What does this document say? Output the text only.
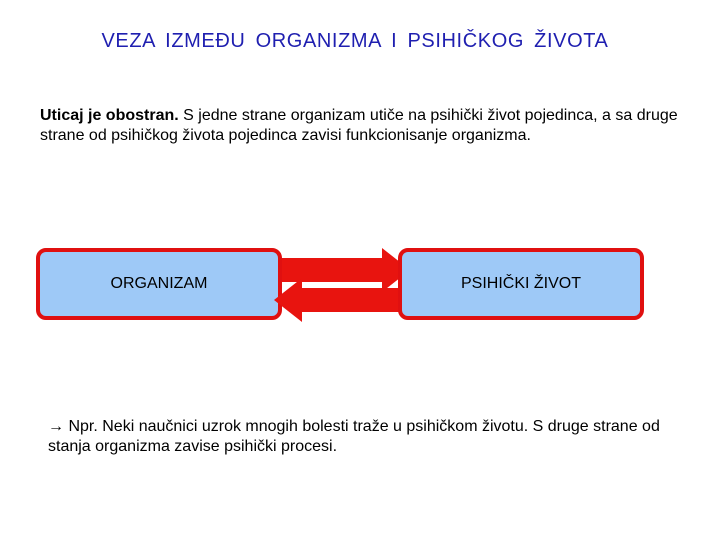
VEZA IZMEĐU ORGANIZMA I PSIHIČKOG ŽIVOTA
Uticaj je obostran. S jedne strane organizam utiče na psihički život pojedinca, a sa druge strane od psihičkog života pojedinca zavisi funkcionisanje organizma.
ORGANIZAM	PSIHIČKI ŽIVOT
→ Npr. Neki naučnici uzrok mnogih bolesti traže u psihičkom životu. S druge strane od stanja organizma zavise psihički procesi.
